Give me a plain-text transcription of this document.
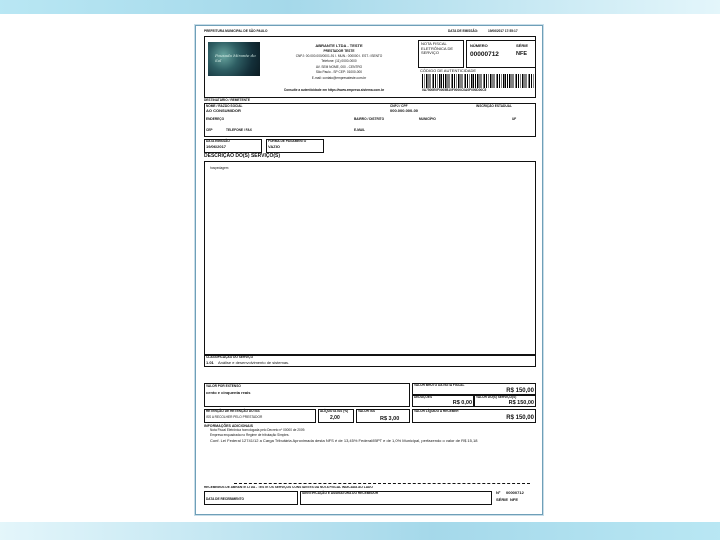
PREFEITURA MUNICIPAL DE SÃO PAULO	DATA DE EMISSÃO:	19/06/2017 17:55:17
Pousada Mirante do Sol
ABRANTE LTDA - TESTE
PRESTADOR TESTE
CNPJ: 00.000.000/0001-91 I. MUN.: 000000 I. EST.: ISENTO
Telefone: (11) 0000-0000
AV. SEM NOME, 000 - CENTRO
São Paulo - SP CEP: 01000-000
E-mail: contato@empresateste.com.br
NOTA FISCAL ELETRÔNICA DE SERVIÇO
NÚMERO
00000712
SÉRIE
NFE
CÓDIGO DE AUTENTICIDADE
0A7500E0F0005B10F0000C0A0F000D00C5
Consulte a autenticidade em https://www.empresa.sistema.com.br
DESTINATÁRIO / REMETENTE
NOME / RAZÃO SOCIAL
AO CONSUMIDOR
CNPJ / CPF
000.000.000-00
INSCRIÇÃO ESTADUAL
ENDEREÇO	BAIRRO / DISTRITO	MUNICÍPIO	UF
CEP	TELEFONE / FAX	E-MAIL
DATA EMISSÃO
19/06/2017
FORMA DE PAGAMENTO
VAZIO
DESCRIÇÃO DO(S) SERVIÇO(S)
hospedagem
CLASSIFICAÇÃO DO SERVIÇO
1.01 Análise e desenvolvimento de sistemas.
VALOR POR EXTENSO
cento e cinquenta reais
VALOR BRUTO DA NOTA FISCAL
R$ 150,00
DEDUÇÕES
R$ 0,00
VALOR DO(S) SERVIÇO(S)
R$ 150,00
RETENÇÃO DE RETENÇÃO DO ISS
ISS A RECOLHER PELO PRESTADOR
ALÍQUOTA ISS (%)
2,00
VALOR ISS
R$ 3,00
VALOR LÍQUIDO A RECEBER
R$ 150,00
INFORMAÇÕES ADICIONAIS
Nota Fiscal Eletrônica homologada pelo Decreto nº 00000 de 2009.
Empresa enquadrada no Regime de tributação Simples.
Conf. Lei Federal 12741/12 a Carga Tributária Aproximada desta NFS é de 13,45% Federal/IBPT e de 1,0% Municipal, perfazendo o valor de R$ 15,18
RECEBEMOS DE ABRANTE LTDA - TESTE OS SERVIÇOS CONSTANTES DA NOTA FISCAL INDICADA AO LADO
DATA DE RECEBIMENTO
IDENTIFICAÇÃO E ASSINATURA DO RECEBEDOR	Nº 00000712
SÉRIE NFE
